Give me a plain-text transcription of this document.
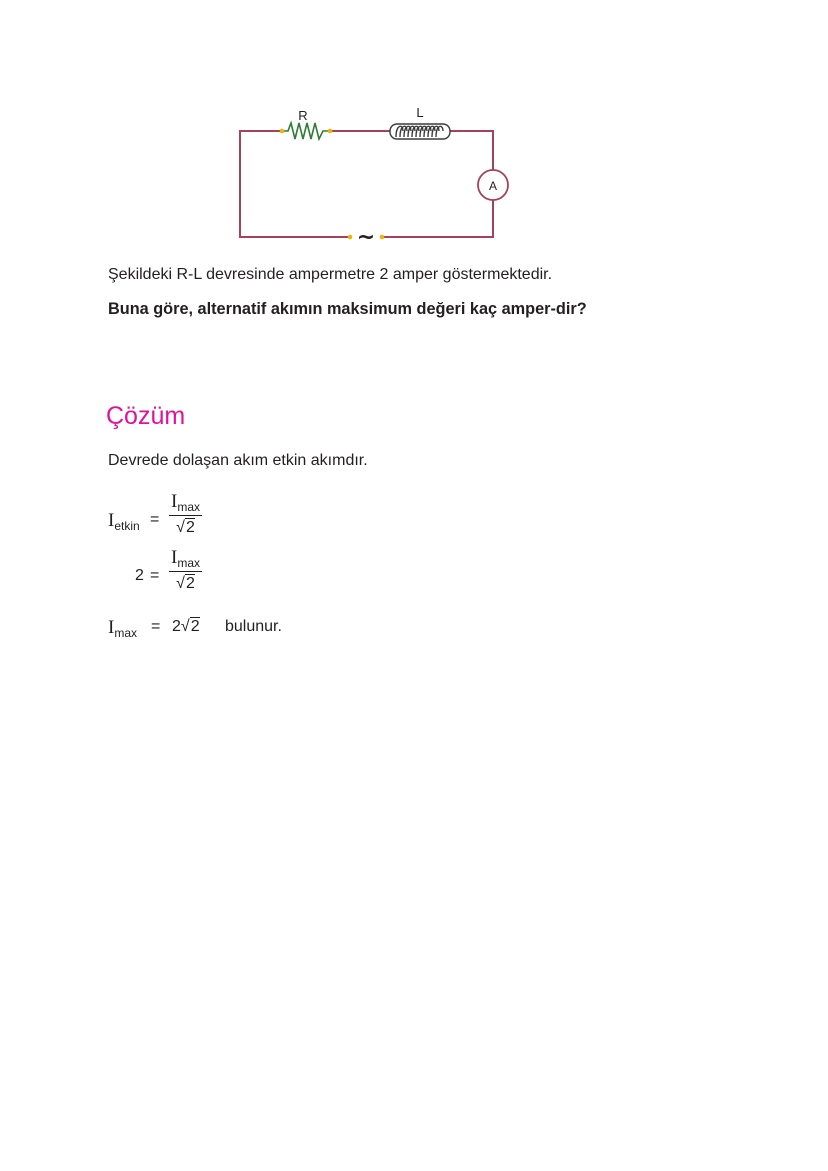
R	L
A
~
Şekildeki R-L devresinde ampermetre 2 amper göstermektedir.
Buna göre, alternatif akımın maksimum değeri kaç amper-dir?
Çözüm
Devrede dolaşan akım etkin akımdır.
$I_{etkin}$ =
$I_{max}$
√2
2 =
$I_{max}$
√2
$I_{max} = 2√2$ bulunur.
